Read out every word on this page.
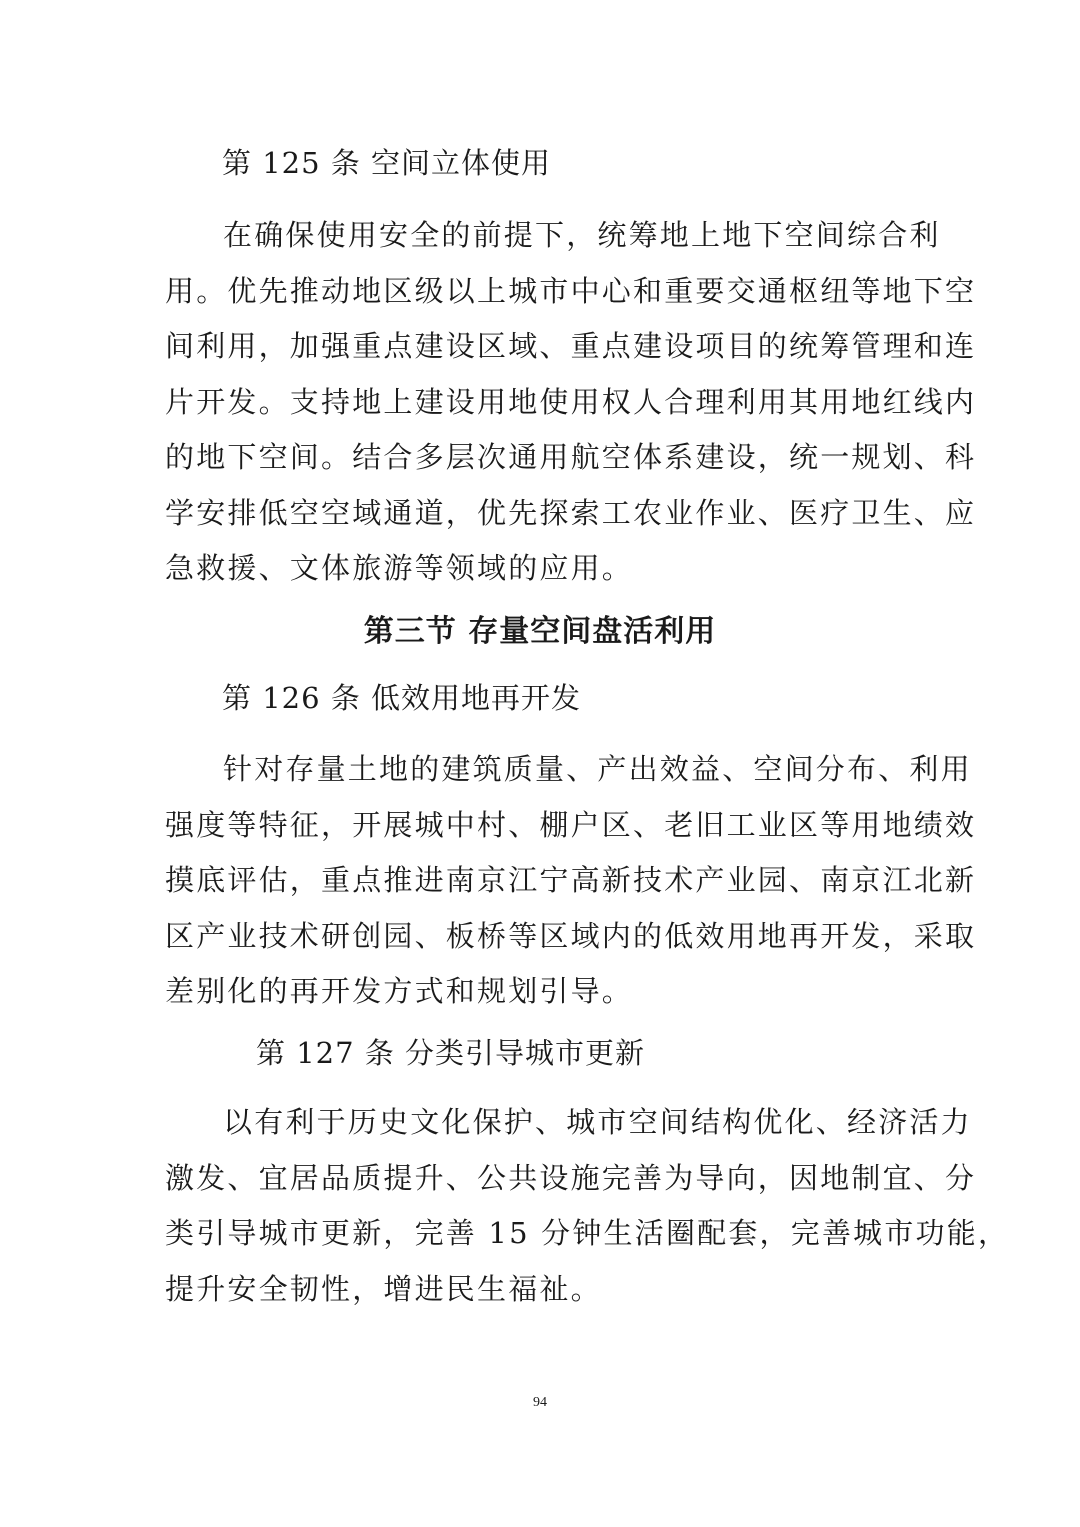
第 125 条 空间立体使用
在确保使用安全的前提下，统筹地上地下空间综合利
用。优先推动地区级以上城市中心和重要交通枢纽等地下空
间利用，加强重点建设区域、重点建设项目的统筹管理和连
片开发。支持地上建设用地使用权人合理利用其用地红线内
的地下空间。结合多层次通用航空体系建设，统一规划、科
学安排低空空域通道，优先探索工农业作业、医疗卫生、应
急救援、文体旅游等领域的应用。
第三节 存量空间盘活利用
第 126 条 低效用地再开发
针对存量土地的建筑质量、产出效益、空间分布、利用
强度等特征，开展城中村、棚户区、老旧工业区等用地绩效
摸底评估，重点推进南京江宁高新技术产业园、南京江北新
区产业技术研创园、板桥等区域内的低效用地再开发，采取
差别化的再开发方式和规划引导。
第 127 条 分类引导城市更新
以有利于历史文化保护、城市空间结构优化、经济活力
激发、宜居品质提升、公共设施完善为导向，因地制宜、分
类引导城市更新，完善 15 分钟生活圈配套，完善城市功能，
提升安全韧性，增进民生福祉。
94
